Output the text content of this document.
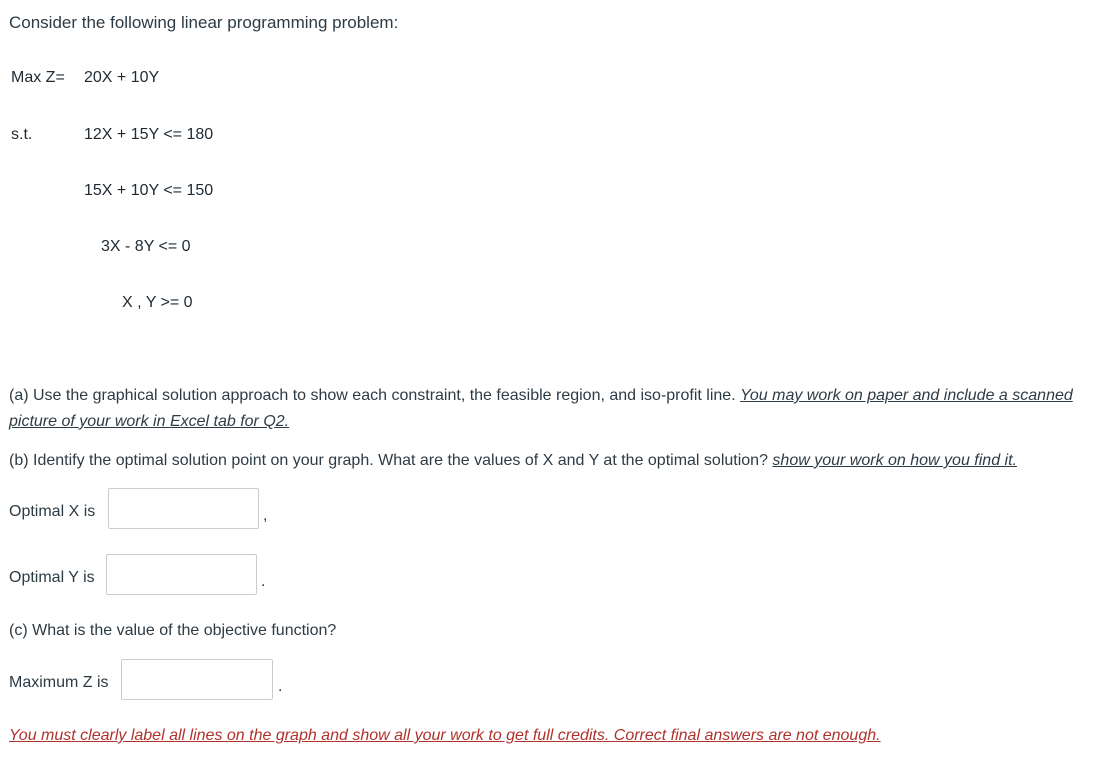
Consider the following linear programming problem:
Max Z= 20X + 10Y
s.t.	12X + 15Y <= 180
15X + 10Y <= 150
3X - 8Y <= 0
X , Y >= 0
(a) Use the graphical solution approach to show each constraint, the feasible region, and iso-profit line. You may work on paper and include a scanned picture of your work in Excel tab for Q2.
(b) Identify the optimal solution point on your graph. What are the values of X and Y at the optimal solution? show your work on how you find it.
Optimal X is	,
Optimal Y is	.
(c) What is the value of the objective function?
Maximum Z is	.
You must clearly label all lines on the graph and show all your work to get full credits. Correct final answers are not enough.
